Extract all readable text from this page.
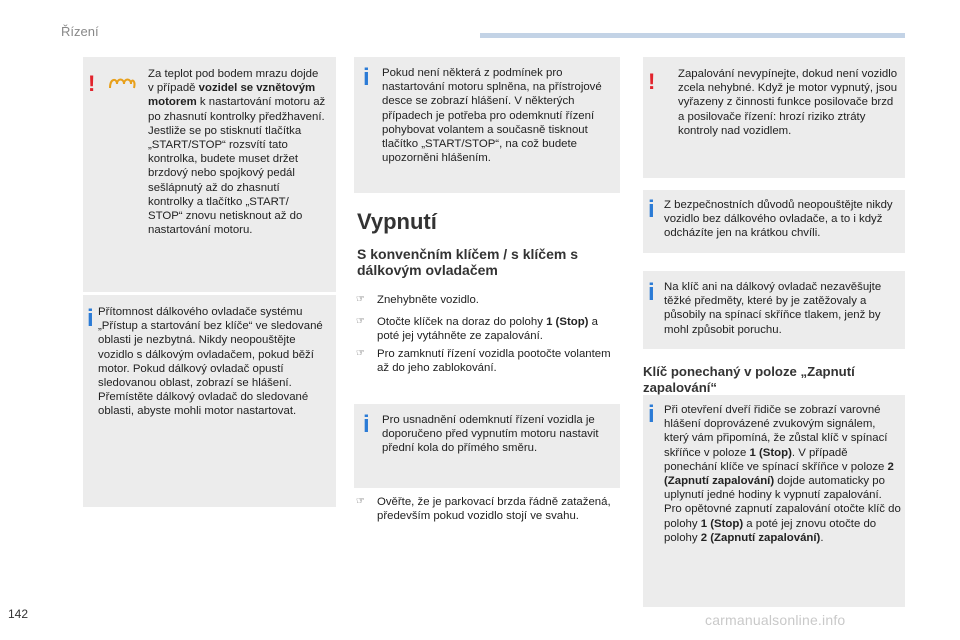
Řízení
!	Za teplot pod bodem mrazu dojde v případě vozidel se vznětovým motorem k nastartování motoru až po zhasnutí kontrolky předžhavení. Jestliže se po stisknutí tlačítka „START/STOP“ rozsvítí tato kontrolka, budete muset držet brzdový nebo spojkový pedál sešlápnutý až do zhasnutí kontrolky a tlačítko „START/ STOP“ znovu netisknout až do nastartování motoru.

i Přítomnost dálkového ovladače systému „Přístup a startování bez klíče“ ve sledované oblasti je nezbytná. Nikdy neopouštějte vozidlo s dálkovým ovladačem, pokud běží motor. Pokud dálkový ovladač opustí sledovanou oblast, zobrazí se hlášení. Přemístěte dálkový ovladač do sledované oblasti, abyste mohli motor nastartovat.

i Pokud není některá z podmínek pro nastartování motoru splněna, na přístrojové desce se zobrazí hlášení. V některých případech je potřeba pro odemknutí řízení pohybovat volantem a současně tisknout tlačítko „START/STOP“, na což budete upozorněni hlášením.

Vypnutí
S konvenčním klíčem / s klíčem s dálkovým ovladačem
☞ Znehybněte vozidlo.
☞ Otočte klíček na doraz do polohy 1 (Stop) a poté jej vytáhněte ze zapalování.
☞ Pro zamknutí řízení vozidla pootočte volantem až do jeho zablokování.
i Pro usnadnění odemknutí řízení vozidla je doporučeno před vypnutím motoru nastavit přední kola do přímého směru.

☞ Ověřte, že je parkovací brzda řádně zatažená, především pokud vozidlo stojí ve svahu.
! Zapalování nevypínejte, dokud není vozidlo zcela nehybné. Když je motor vypnutý, jsou vyřazeny z činnosti funkce posilovače brzd a posilovače řízení: hrozí riziko ztráty kontroly nad vozidlem.

i Z bezpečnostních důvodů neopouštějte nikdy vozidlo bez dálkového ovladače, a to i když odcházíte jen na krátkou chvíli.

i Na klíč ani na dálkový ovladač nezavěšujte těžké předměty, které by je zatěžovaly a působily na spínací skříňce tlakem, jenž by mohl způsobit poruchu.

Klíč ponechaný v poloze „Zapnutí zapalování“
i Při otevření dveří řidiče se zobrazí varovné hlášení doprovázené zvukovým signálem, který vám připomíná, že zůstal klíč v spínací skříňce v poloze 1 (Stop). V případě ponechání klíče ve spínací skříňce v poloze 2 (Zapnutí zapalování) dojde automaticky po uplynutí jedné hodiny k vypnutí zapalování. Pro opětovné zapnutí zapalování otočte klíč do polohy 1 (Stop) a poté jej znovu otočte do polohy 2 (Zapnutí zapalování).

142	carmanualsonline.info
